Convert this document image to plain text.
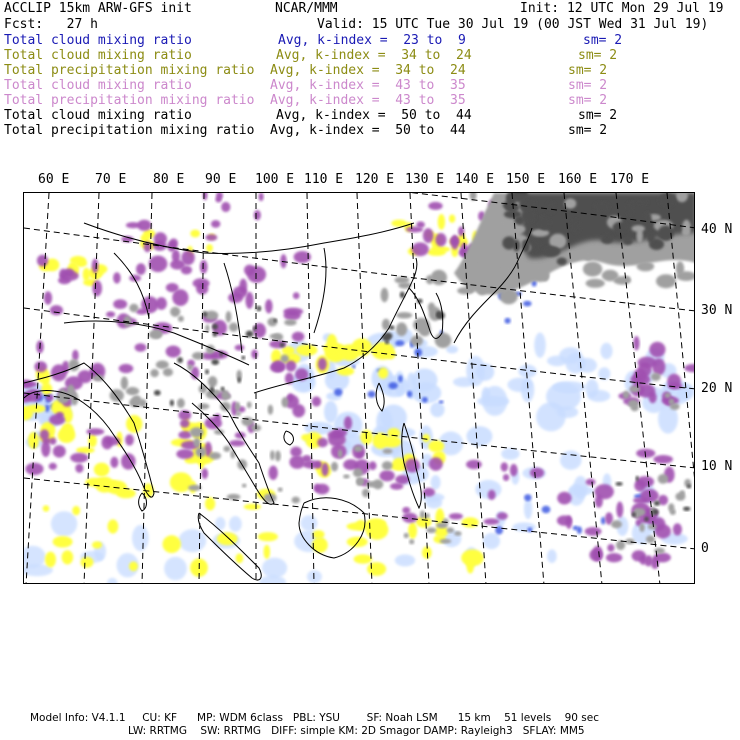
ACCLIP 15km ARW-GFS init	NCAR/MMM	Init: 12 UTC Mon 29 Jul 19
Fcst:   27 h	Valid: 15 UTC Tue 30 Jul 19 (00 JST Wed 31 Jul 19)
Model Info: V4.1.1     CU: KF      MP: WDM 6class   PBL: YSU        SF: Noah LSM      15 km    51 levels    90 sec
LW: RRTMG    SW: RRTMG   DIFF: simple KM: 2D Smagor DAMP: Rayleigh3   SFLAY: MM5
Total cloud mixing ratio	Avg, k-index =  23 to  9	sm= 2
Total cloud mixing ratio	Avg, k-index =  34 to  24	sm= 2
Total precipitation mixing ratio Avg, k-index =  34 to  24	sm= 2
Total cloud mixing ratio	Avg, k-index =  43 to  35	sm= 2
Total precipitation mixing ratio Avg, k-index =  43 to  35	sm= 2
Total cloud mixing ratio	Avg, k-index =  50 to  44	sm= 2
Total precipitation mixing ratio Avg, k-index =  50 to  44	sm= 2
60 E 70 E 80 E 90 E 100 E 110 E 120 E 130 E 140 E 150 E 160 E 170 E
40 N
30 N
20 N
10 N
0
